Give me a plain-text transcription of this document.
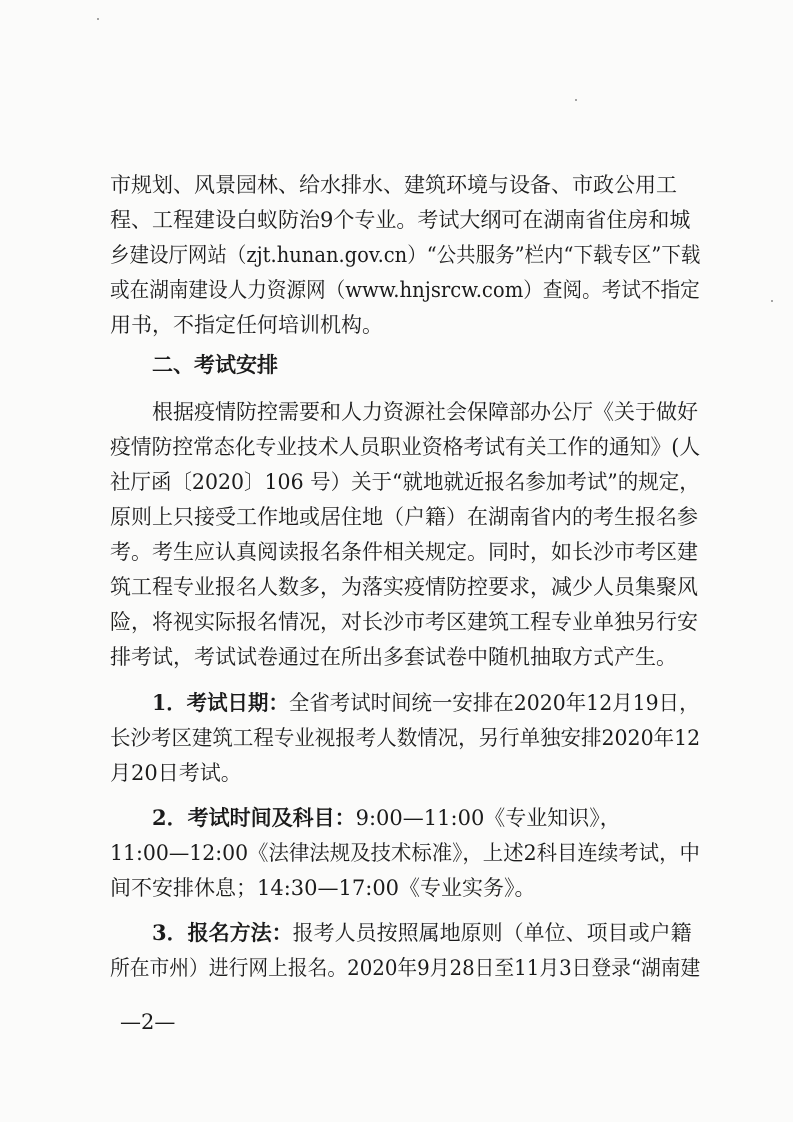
市规划、风景园林、给水排水、建筑环境与设备、市政公用工
程、工程建设白蚁防治9个专业。考试大纲可在湖南省住房和城
乡建设厅网站（zjt.hunan.gov.cn）“公共服务”栏内“下载专区”下载
或在湖南建设人力资源网（www.hnjsrcw.com）查阅。考试不指定
用书，不指定任何培训机构。
二、考试安排
根据疫情防控需要和人力资源社会保障部办公厅《关于做好
疫情防控常态化专业技术人员职业资格考试有关工作的通知》(人
社厅函〔2020〕106 号）关于“就地就近报名参加考试”的规定，
原则上只接受工作地或居住地（户籍）在湖南省内的考生报名参
考。考生应认真阅读报名条件相关规定。同时，如长沙市考区建
筑工程专业报名人数多，为落实疫情防控要求，减少人员集聚风
险，将视实际报名情况，对长沙市考区建筑工程专业单独另行安
排考试，考试试卷通过在所出多套试卷中随机抽取方式产生。
1．考试日期：全省考试时间统一安排在2020年12月19日，
长沙考区建筑工程专业视报考人数情况，另行单独安排2020年12
月20日考试。
2．考试时间及科目：9:00—11:00《专业知识》，
11:00—12:00《法律法规及技术标准》，上述2科目连续考试，中
间不安排休息；14:30—17:00《专业实务》。
3．报名方法：报考人员按照属地原则（单位、项目或户籍
所在市州）进行网上报名。2020年9月28日至11月3日登录“湖南建
—2—
